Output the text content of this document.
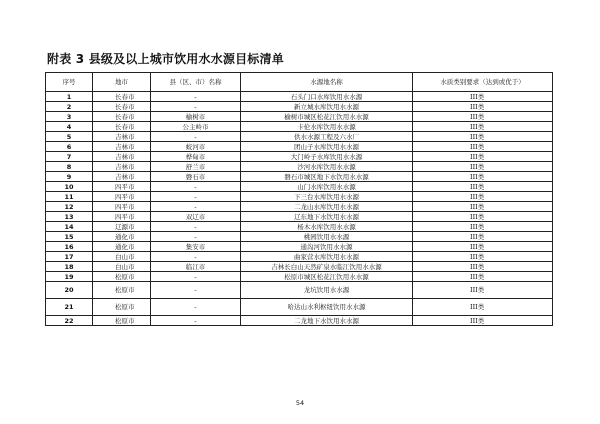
附表 3 县级及以上城市饮用水水源目标清单
序号	地市	县（区、市）名称	水源地名称	水质类别要求（达到或优于）
1	长春市	-	石头门口水库饮用水水源	III类
2	长春市	-	新立城水库饮用水水源	III类
3	长春市	榆树市	榆树市城区松花江饮用水水源	III类
4	长春市	公主岭市	卡伦水库饮用水水源	III类
5	吉林市	-	供水水源工程及六水厂	III类
6	吉林市	蛟河市	团山子水库饮用水水源	III类
7	吉林市	桦甸市	大门岭子水库饮用水水源	III类
8	吉林市	舒兰市	沙河水库饮用水水源	III类
9	吉林市	磐石市	磐石市城区地下水饮用水水源	III类
10	四平市	-	山门水库饮用水水源	III类
11	四平市	-	下三台水库饮用水水源	III类
12	四平市	-	二龙山水库饮用水水源	III类
13	四平市	双辽市	辽东地下水饮用水水源	III类
14	辽源市	-	杨木水库饮用水水源	III类
15	通化市	-	桃园饮用水水源	III类
16	通化市	集安市	通沟河饮用水水源	III类
17	白山市	-	曲家营水库饮用水水源	III类
18	白山市	临江市	吉林长白山天然矿泉水临江饮用水水源	III类
19	松原市	-	松原市城区松花江饮用水水源	III类
20	松原市	-	龙坑饮用水水源	III类
21	松原市	-	哈达山水利枢纽饮用水水源	III类
22	松原市	-	二龙地下水饮用水水源	III类
54
